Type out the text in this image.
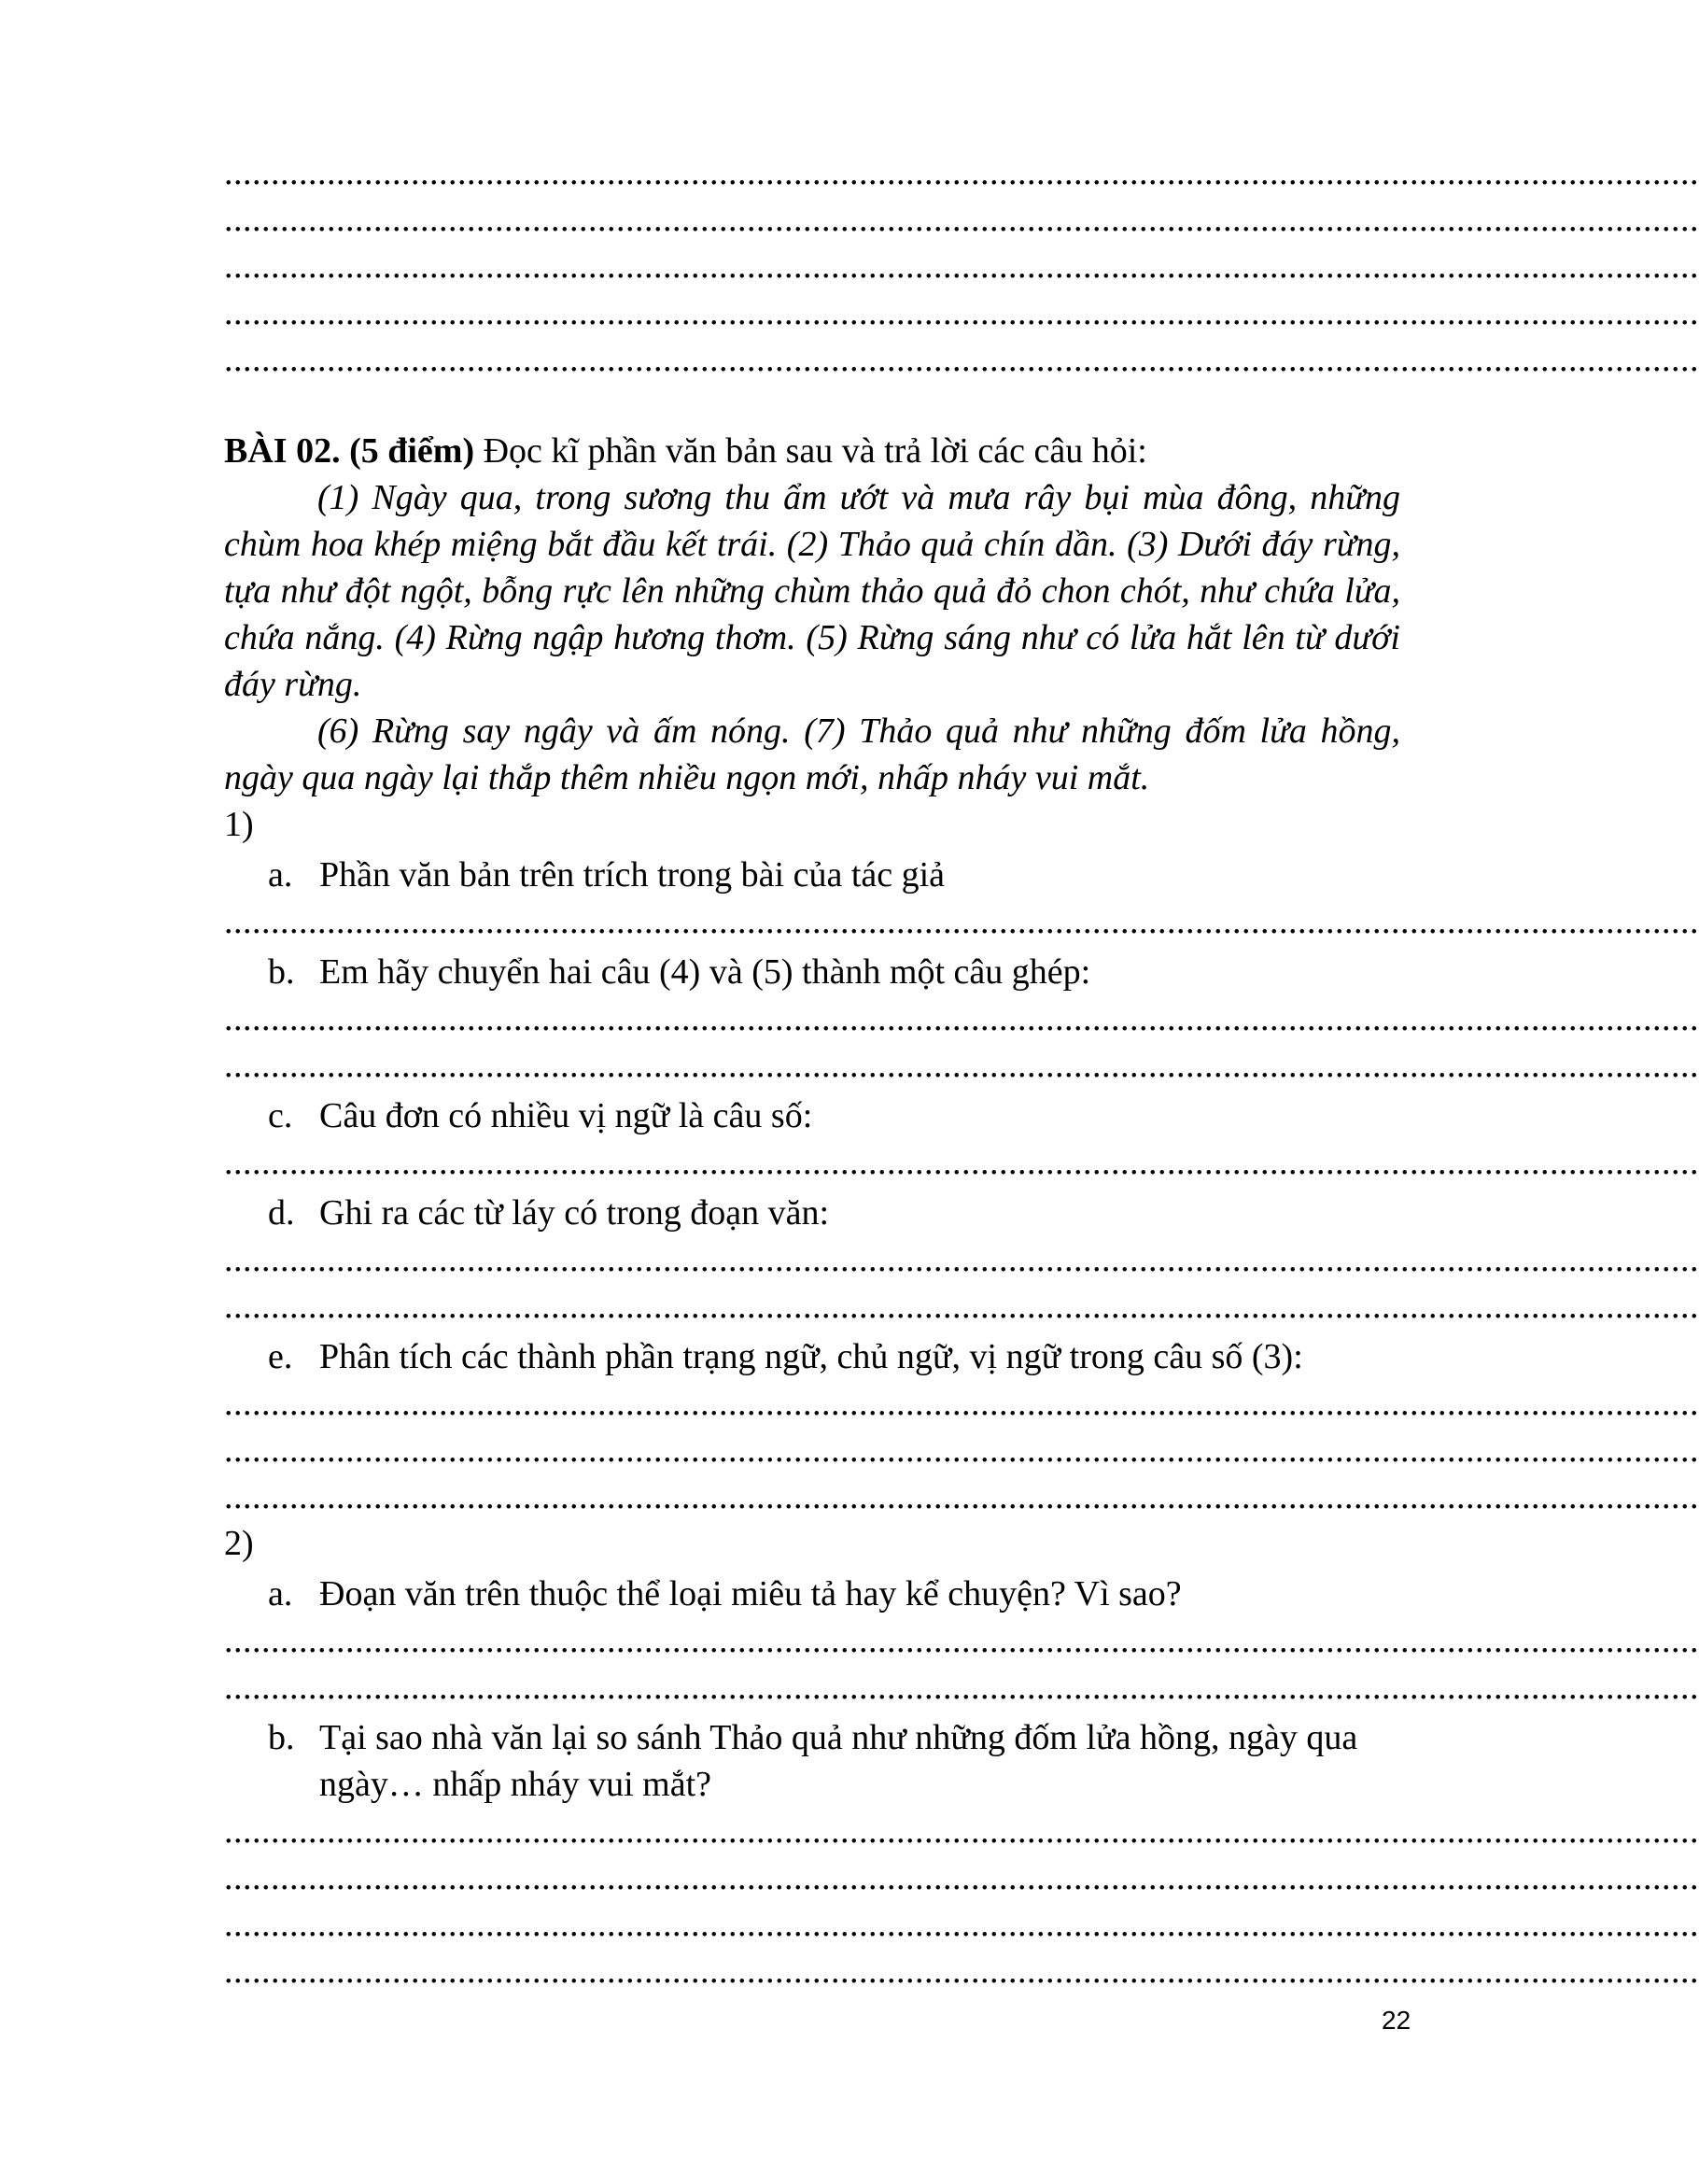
..............................................................................................................................................................
..............................................................................................................................................................
..............................................................................................................................................................
..............................................................................................................................................................
..............................................................................................................................................................
BÀI 02. (5 điểm) Đọc kĩ phần văn bản sau và trả lời các câu hỏi:
(1) Ngày qua, trong sương thu ẩm ướt và mưa rây bụi mùa đông, những chùm hoa khép miệng bắt đầu kết trái. (2) Thảo quả chín dần. (3) Dưới đáy rừng, tựa như đột ngột, bỗng rực lên những chùm thảo quả đỏ chon chót, như chứa lửa, chứa nắng. (4) Rừng ngập hương thơm. (5) Rừng sáng như có lửa hắt lên từ dưới đáy rừng.
(6) Rừng say ngây và ấm nóng. (7) Thảo quả như những đốm lửa hồng, ngày qua ngày lại thắp thêm nhiều ngọn mới, nhấp nháy vui mắt.
1)
a. Phần văn bản trên trích trong bài của tác giả
..............................................................................................................................................................
b. Em hãy chuyển hai câu (4) và (5) thành một câu ghép:
..............................................................................................................................................................
..............................................................................................................................................................
c. Câu đơn có nhiều vị ngữ là câu số:
..............................................................................................................................................................
d. Ghi ra các từ láy có trong đoạn văn:
..............................................................................................................................................................
..............................................................................................................................................................
e. Phân tích các thành phần trạng ngữ, chủ ngữ, vị ngữ trong câu số (3):
..............................................................................................................................................................
..............................................................................................................................................................
..............................................................................................................................................................
2)
a. Đoạn văn trên thuộc thể loại miêu tả hay kể chuyện? Vì sao?
..............................................................................................................................................................
..............................................................................................................................................................
b. Tại sao nhà văn lại so sánh Thảo quả như những đốm lửa hồng, ngày qua ngày… nhấp nháy vui mắt?
..............................................................................................................................................................
..............................................................................................................................................................
..............................................................................................................................................................
..............................................................................................................................................................
22
